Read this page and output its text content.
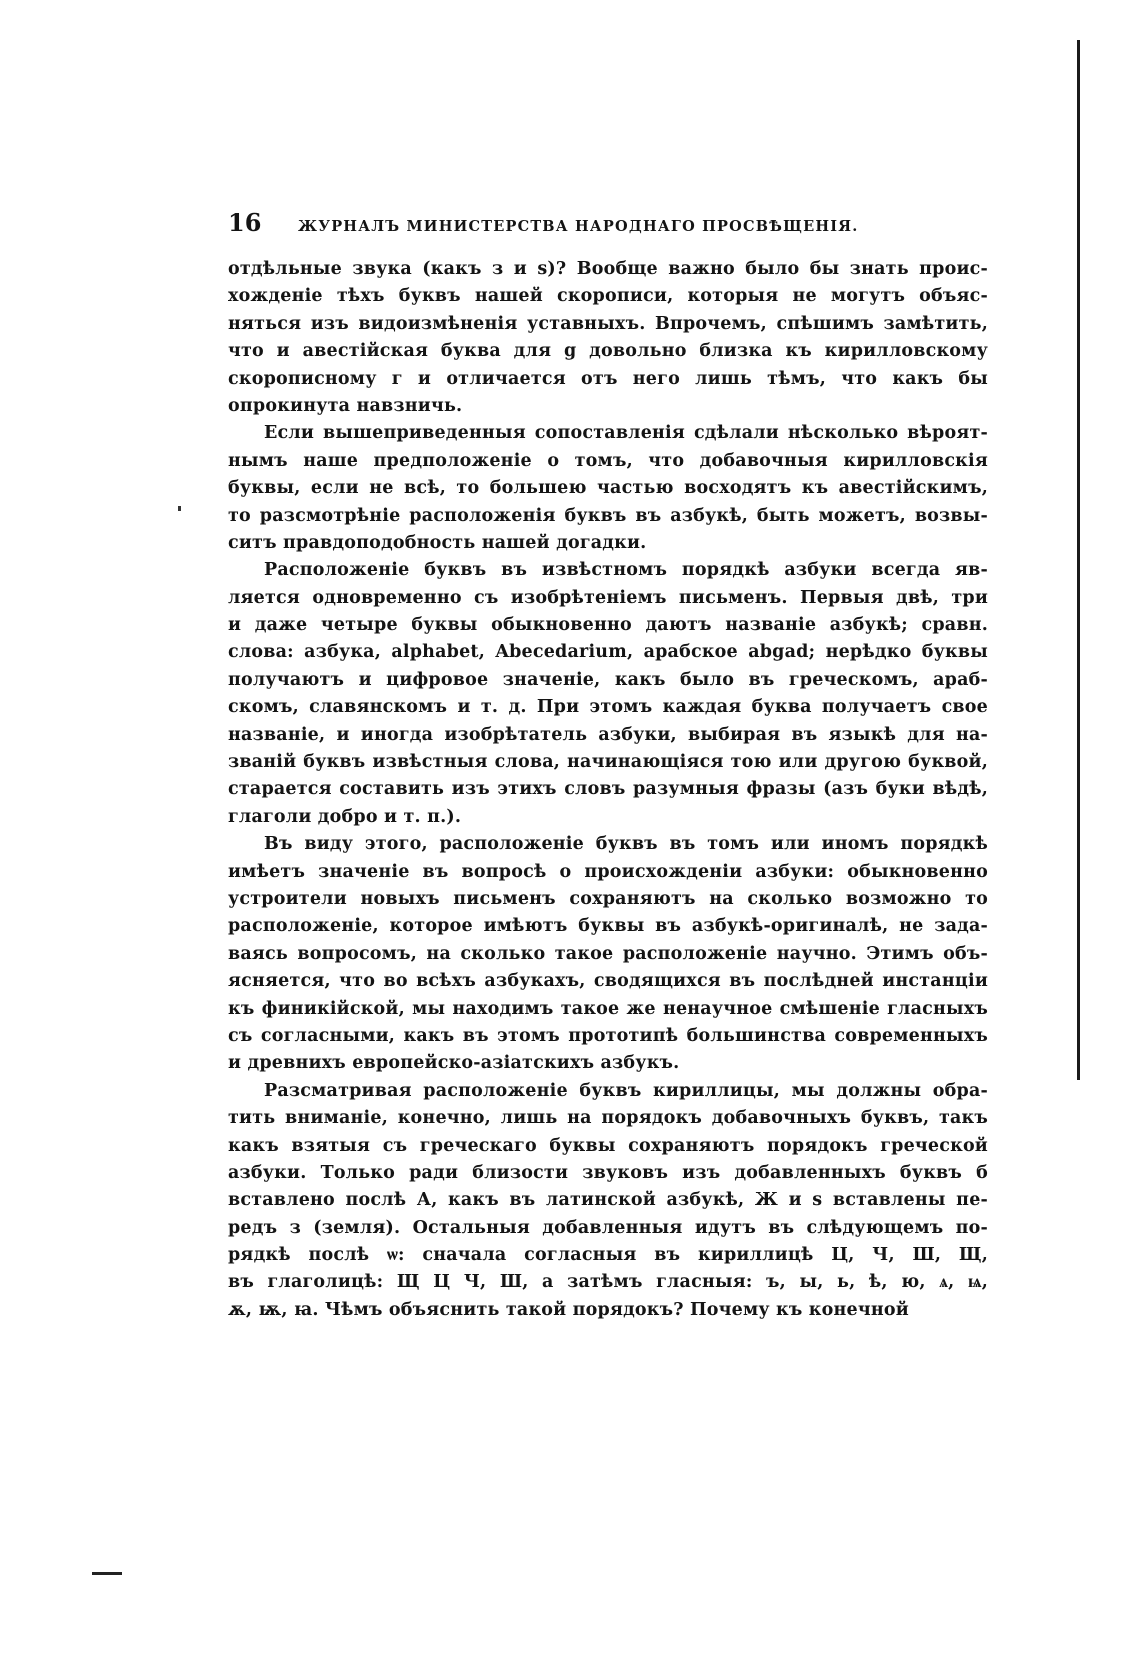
16	ЖУРНАЛЪ МИНИСТЕРСТВА НАРОДНАГО ПРОСВѢЩЕНІЯ.
отдѣльные звука (какъ з и ѕ)? Вообще важно было бы знать проис-
хожденіе тѣхъ буквъ нашей скорописи, которыя не могутъ объяс-
няться изъ видоизмѣненія уставныхъ. Впрочемъ, спѣшимъ замѣтить,
что и авестійская буква для g довольно близка къ кирилловскому
скорописному г и отличается отъ него лишь тѣмъ, что какъ бы
опрокинута навзничь.
Если вышеприведенныя сопоставленія сдѣлали нѣсколько вѣроят-
нымъ наше предположеніе о томъ, что добавочныя кирилловскія
буквы, если не всѣ, то большею частью восходятъ къ авестійскимъ,
то разсмотрѣніе расположенія буквъ въ азбукѣ, быть можетъ, возвы-
ситъ правдоподобность нашей догадки.
Расположеніе буквъ въ извѣстномъ порядкѣ азбуки всегда яв-
ляется одновременно съ изобрѣтеніемъ письменъ. Первыя двѣ, три
и даже четыре буквы обыкновенно даютъ названіе азбукѣ; сравн.
слова: азбука, alphabet, Abecedarium, арабское abgad; нерѣдко буквы
получаютъ и цифровое значеніе, какъ было въ греческомъ, араб-
скомъ, славянскомъ и т. д. При этомъ каждая буква получаетъ свое
названіе, и иногда изобрѣтатель азбуки, выбирая въ языкѣ для на-
званій буквъ извѣстныя слова, начинающіяся тою или другою буквой,
старается составить изъ этихъ словъ разумныя фразы (азъ буки вѣдѣ,
глаголи добро и т. п.).
Въ виду этого, расположеніе буквъ въ томъ или иномъ порядкѣ
имѣетъ значеніе въ вопросѣ о происхожденіи азбуки: обыкновенно
устроители новыхъ письменъ сохраняютъ на сколько возможно то
расположеніе, которое имѣютъ буквы въ азбукѣ-оригиналѣ, не зада-
ваясь вопросомъ, на сколько такое расположеніе научно. Этимъ объ-
ясняется, что во всѣхъ азбукахъ, сводящихся въ послѣдней инстанціи
къ финикійской, мы находимъ такое же ненаучное смѣшеніе гласныхъ
съ согласными, какъ въ этомъ прототипѣ большинства современныхъ
и древнихъ европейско-азіатскихъ азбукъ.
Разсматривая расположеніе буквъ кириллицы, мы должны обра-
тить вниманіе, конечно, лишь на порядокъ добавочныхъ буквъ, такъ
какъ взятыя съ греческаго буквы сохраняютъ порядокъ греческой
азбуки. Только ради близости звуковъ изъ добавленныхъ буквъ б
вставлено послѣ А, какъ въ латинской азбукѣ, Ж и ѕ вставлены пе-
редъ з (земля). Остальныя добавленныя идутъ въ слѣдующемъ по-
рядкѣ послѣ ѡ: сначала согласныя въ кириллицѣ Ц, Ч, Ш, Щ,
въ глаголицѣ: Щ Ц Ч, Ш, а затѣмъ гласныя: ъ, ы, ь, ѣ, ю, ѧ, ѩ,
ѫ, ѭ, ꙗ. Чѣмъ объяснить такой порядокъ? Почему къ конечной
